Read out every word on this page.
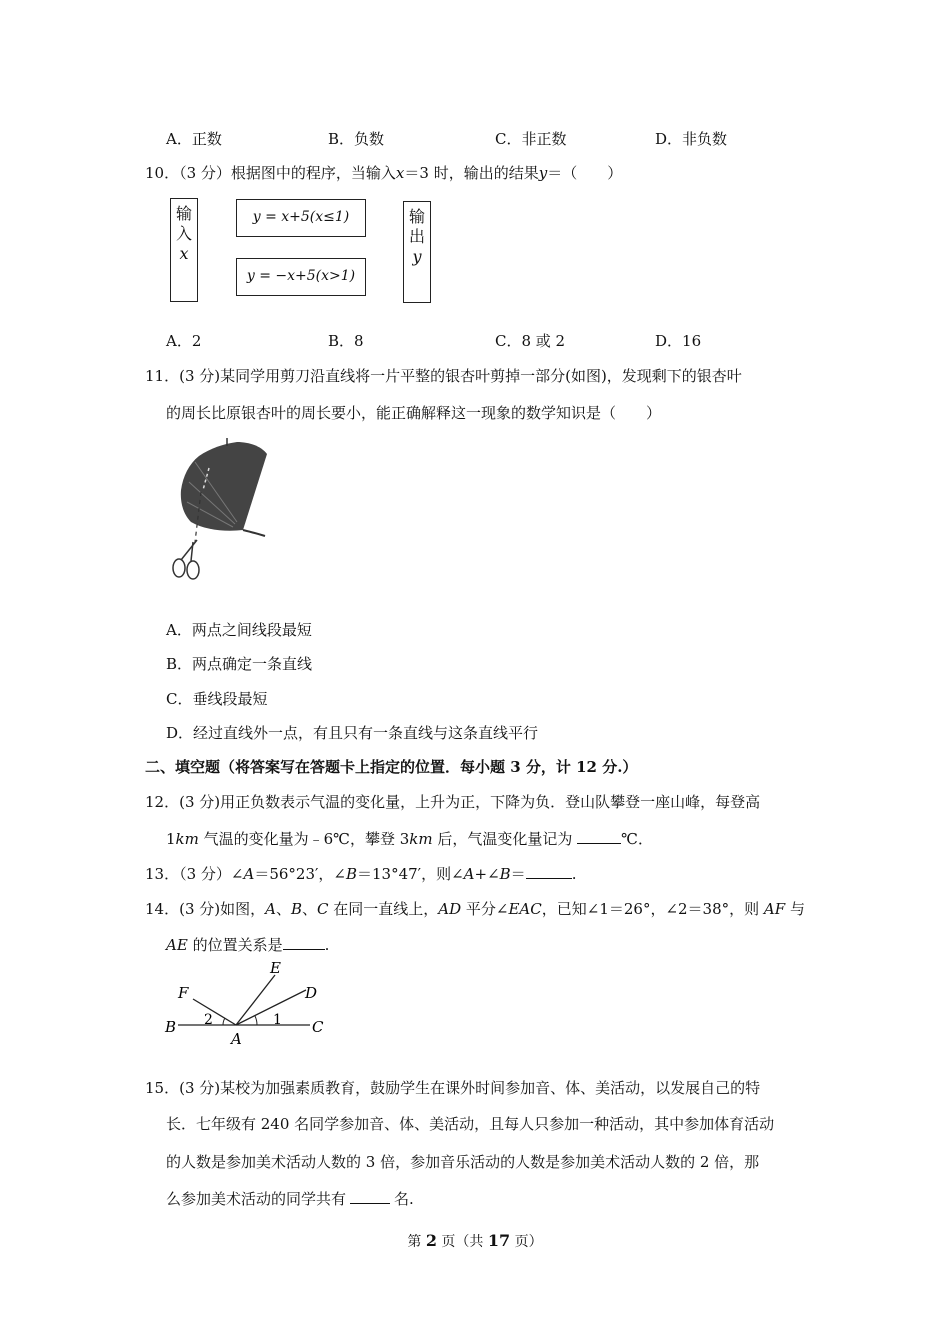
A．正数	B．负数	C．非正数	D．非负数
10．（3 分）根据图中的程序，当输入x＝3 时，输出的结果y＝（　　）
输
入
x
y = x+5(x≤1)
y = −x+5(x>1)
输
出
y
A．2	B．8	C．8 或 2	D．16
11．(3 分)某同学用剪刀沿直线将一片平整的银杏叶剪掉一部分(如图)，发现剩下的银杏叶
的周长比原银杏叶的周长要小，能正确解释这一现象的数学知识是（　　）
A．两点之间线段最短
B．两点确定一条直线
C．垂线段最短
D．经过直线外一点，有且只有一条直线与这条直线平行
二、填空题（将答案写在答题卡上指定的位置．每小题 3 分，计 12 分.）
12．(3 分)用正负数表示气温的变化量，上升为正，下降为负．登山队攀登一座山峰，每登高
1km 气温的变化量为﹣6℃，攀登 3km 后，气温变化量记为	℃．
13．（3 分）∠A＝56°23′，∠B＝13°47′，则∠A+∠B＝	.
14．(3 分)如图，A、B、C 在同一直线上，AD 平分∠EAC，已知∠1＝26°，∠2＝38°，则 AF 与
AE 的位置关系是	.
F
E
D
B
A
C
2	1
15．(3 分)某校为加强素质教育，鼓励学生在课外时间参加音、体、美活动，以发展自己的特
长．七年级有 240 名同学参加音、体、美活动，且每人只参加一种活动，其中参加体育活动
的人数是参加美术活动人数的 3 倍，参加音乐活动的人数是参加美术活动人数的 2 倍，那
么参加美术活动的同学共有	名.
第 2 页（共 17 页）
